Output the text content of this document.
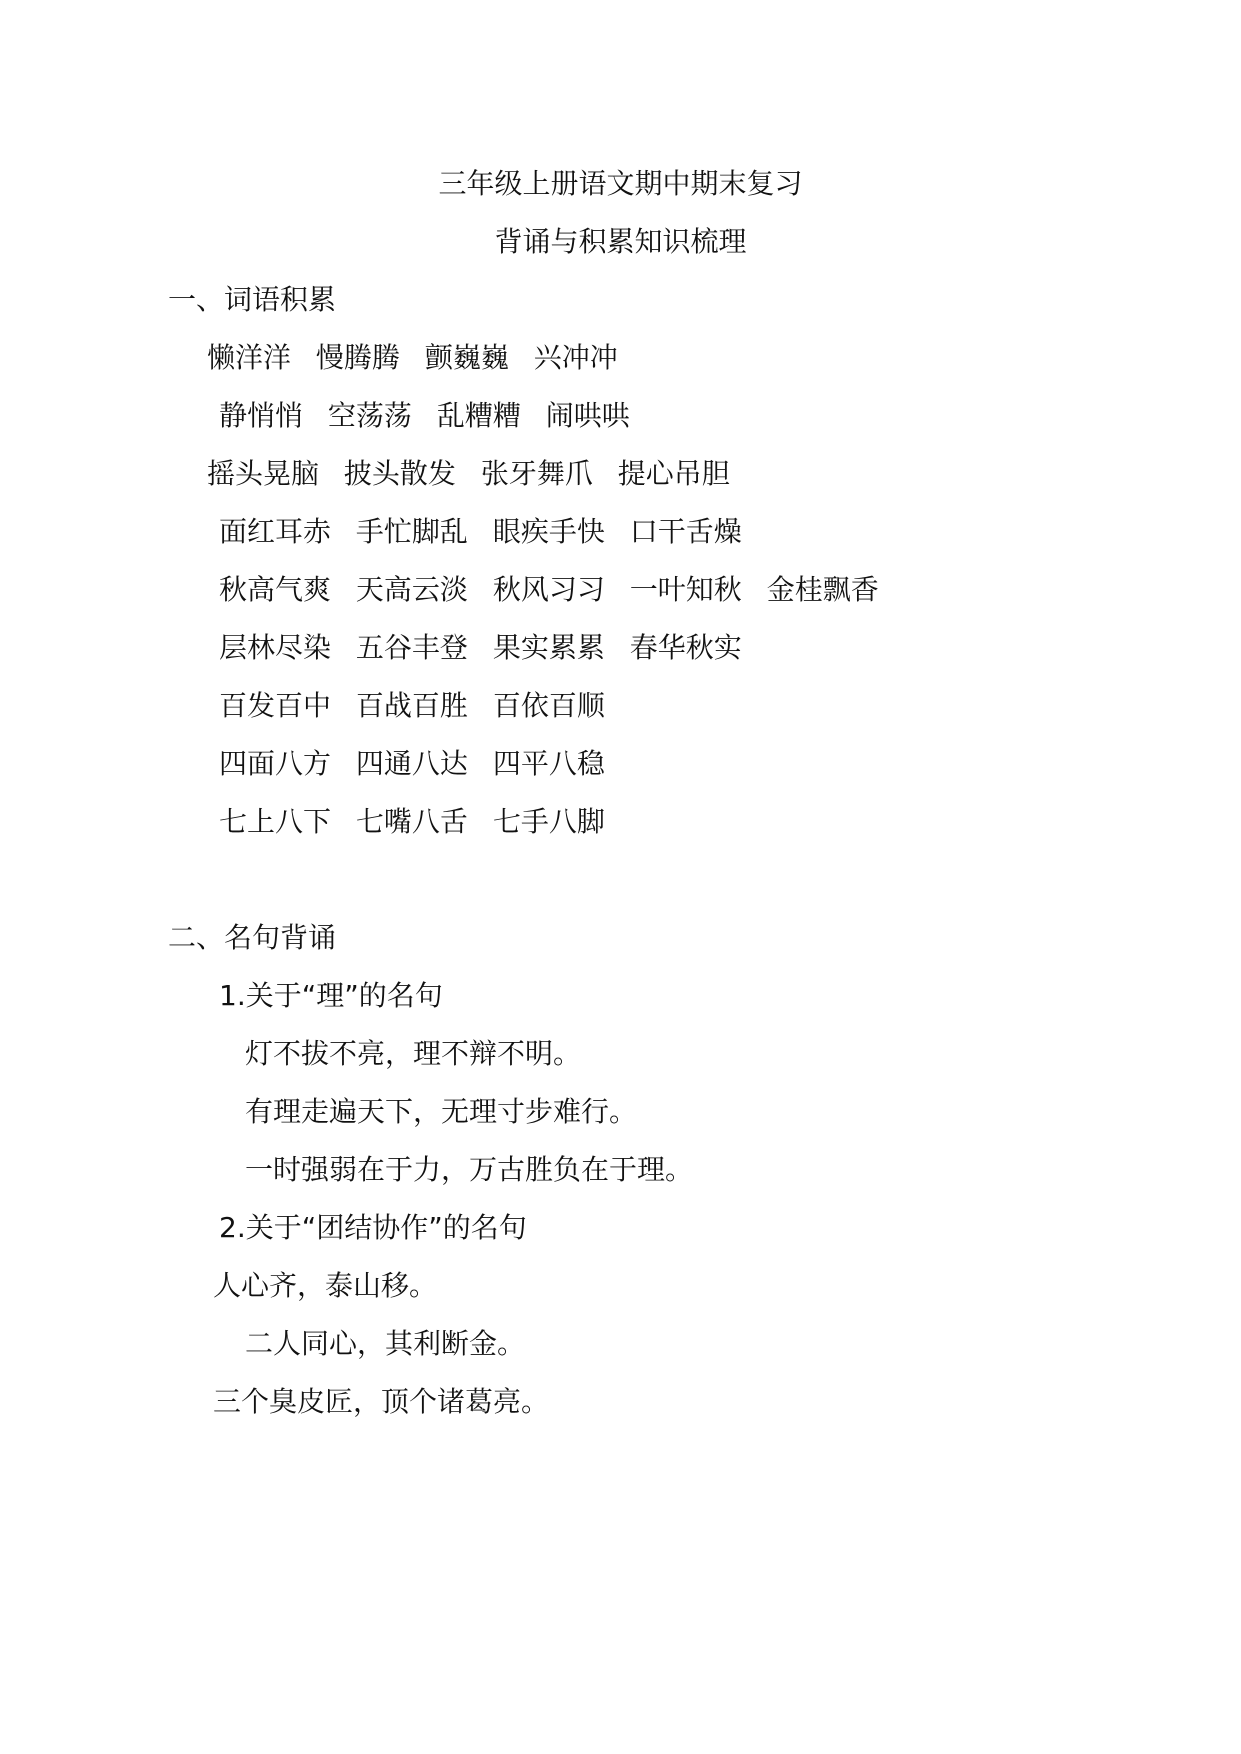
三年级上册语文期中期末复习
背诵与积累知识梳理
一、词语积累
懒洋洋 慢腾腾 颤巍巍 兴冲冲
静悄悄 空荡荡 乱糟糟 闹哄哄
摇头晃脑 披头散发 张牙舞爪 提心吊胆
面红耳赤 手忙脚乱 眼疾手快 口干舌燥
秋高气爽 天高云淡 秋风习习 一叶知秋 金桂飘香
层林尽染 五谷丰登 果实累累 春华秋实
百发百中 百战百胜 百依百顺
四面八方 四通八达 四平八稳
七上八下 七嘴八舌 七手八脚
二、名句背诵
1.关于“理”的名句
灯不拔不亮，理不辩不明。
有理走遍天下，无理寸步难行。
一时强弱在于力，万古胜负在于理。
2.关于“团结协作”的名句
人心齐，泰山移。
二人同心，其利断金。
三个臭皮匠，顶个诸葛亮。
